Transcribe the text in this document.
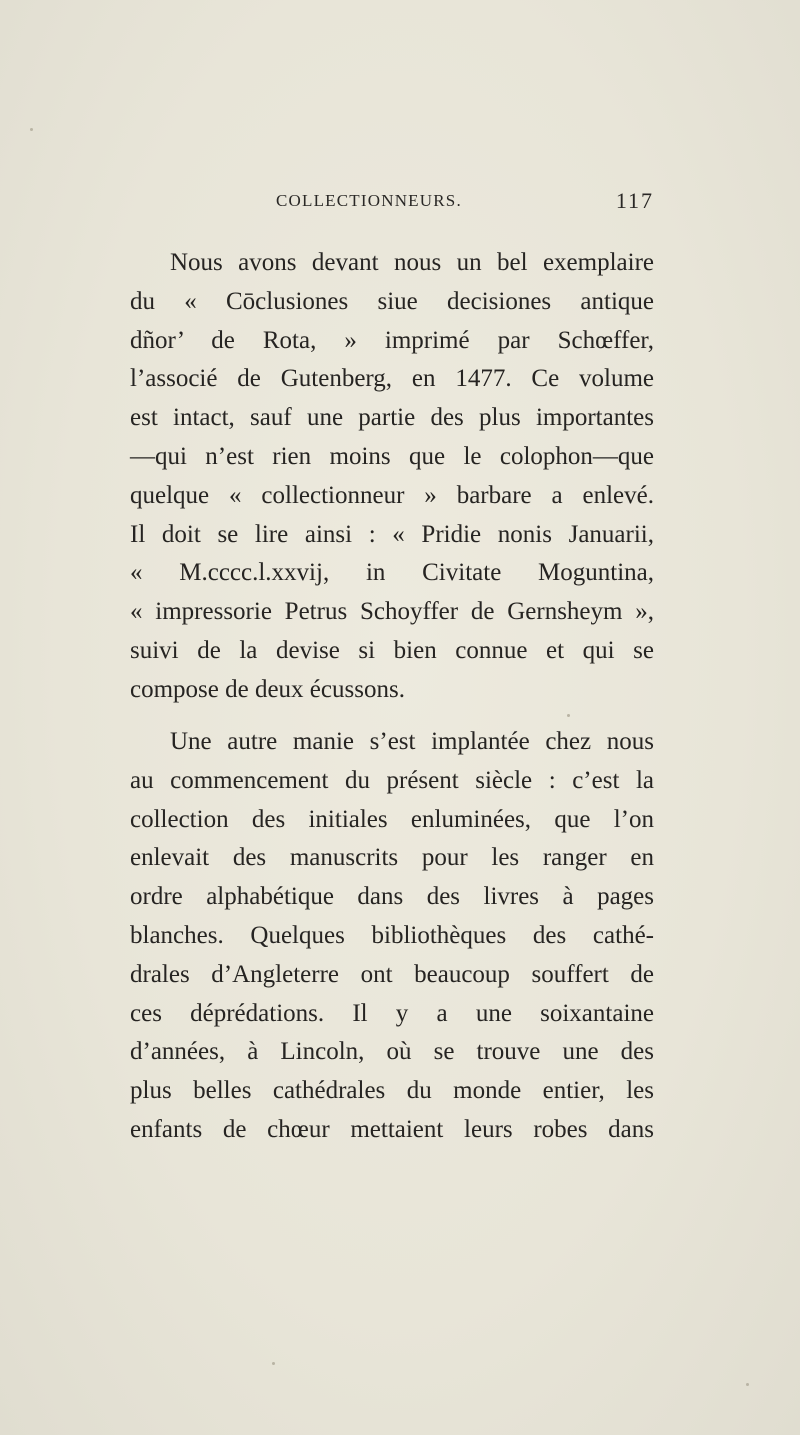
COLLECTIONNEURS.	117
Nous avons devant nous un bel exemplaire
du « Cōclusiones siue decisiones antique
dñor’ de Rota, » imprimé par Schœffer,
l’associé de Gutenberg, en 1477. Ce volume
est intact, sauf une partie des plus importantes
—qui n’est rien moins que le colophon—que
quelque « collectionneur » barbare a enlevé.
Il doit se lire ainsi : « Pridie nonis Januarii,
« M.cccc.l.xxvij, in Civitate Moguntina,
« impressorie Petrus Schoyffer de Gernsheym »,
suivi de la devise si bien connue et qui se
compose de deux écussons.
Une autre manie s’est implantée chez nous
au commencement du présent siècle : c’est la
collection des initiales enluminées, que l’on
enlevait des manuscrits pour les ranger en
ordre alphabétique dans des livres à pages
blanches. Quelques bibliothèques des cathé-
drales d’Angleterre ont beaucoup souffert de
ces déprédations. Il y a une soixantaine
d’années, à Lincoln, où se trouve une des
plus belles cathédrales du monde entier, les
enfants de chœur mettaient leurs robes dans
